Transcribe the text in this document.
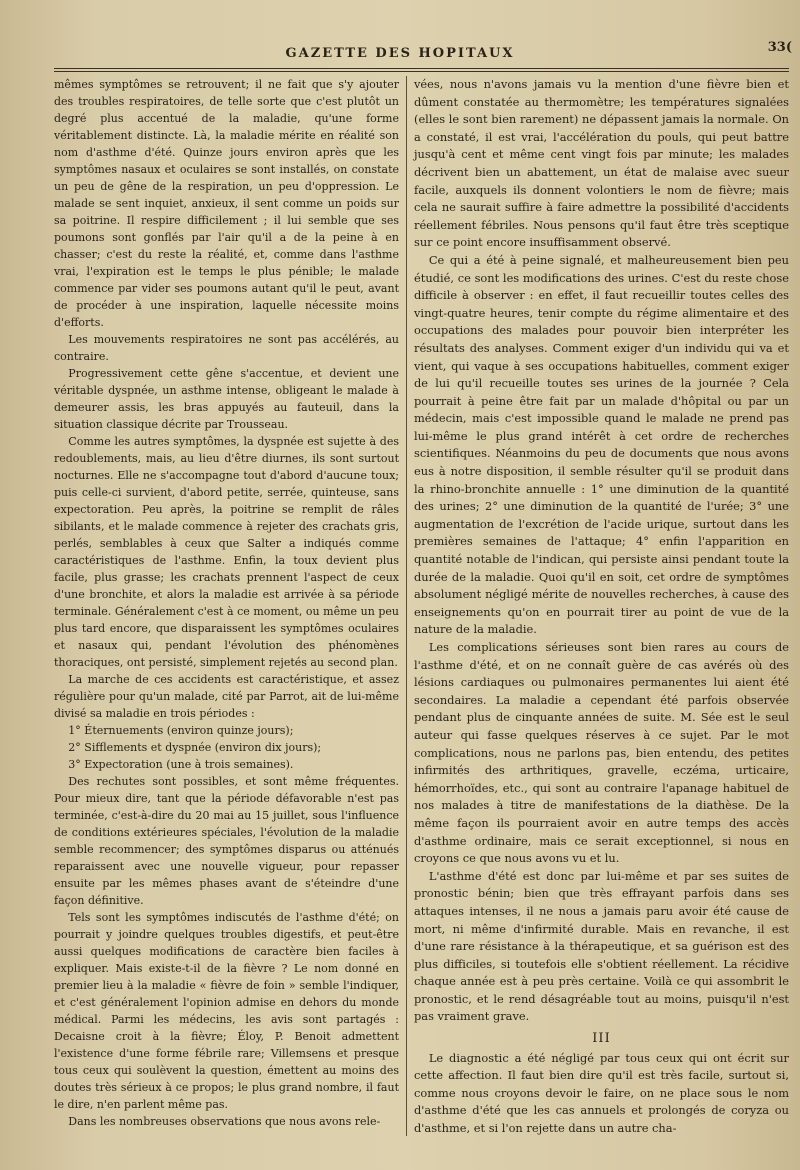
GAZETTE DES HOPITAUX	33(

mêmes symptômes se retrouvent; il ne fait que s'y ajouter des troubles respiratoires, de telle sorte que c'est plutôt un degré plus accentué de la maladie, qu'une forme véritablement distincte. Là, la maladie mérite en réalité son nom d'asthme d'été. Quinze jours environ après que les symptômes nasaux et oculaires se sont installés, on constate un peu de gêne de la respiration, un peu d'oppression. Le malade se sent inquiet, anxieux, il sent comme un poids sur sa poitrine. Il respire difficilement ; il lui semble que ses poumons sont gonflés par l'air qu'il a de la peine à en chasser; c'est du reste la réalité, et, comme dans l'asthme vrai, l'expiration est le temps le plus pénible; le malade commence par vider ses poumons autant qu'il le peut, avant de procéder à une inspiration, laquelle nécessite moins d'efforts.

Les mouvements respiratoires ne sont pas accélérés, au contraire.

Progressivement cette gêne s'accentue, et devient une véritable dyspnée, un asthme intense, obligeant le malade à demeurer assis, les bras appuyés au fauteuil, dans la situation classique décrite par Trousseau.

Comme les autres symptômes, la dyspnée est sujette à des redoublements, mais, au lieu d'être diurnes, ils sont surtout nocturnes. Elle ne s'accompagne tout d'abord d'aucune toux; puis celle-ci survient, d'abord petite, serrée, quinteuse, sans expectoration. Peu après, la poitrine se remplit de râles sibilants, et le malade commence à rejeter des crachats gris, perlés, semblables à ceux que Salter a indiqués comme caractéristiques de l'asthme. Enfin, la toux devient plus facile, plus grasse; les crachats prennent l'aspect de ceux d'une bronchite, et alors la maladie est arrivée à sa période terminale. Généralement c'est à ce moment, ou même un peu plus tard encore, que disparaissent les symptômes oculaires et nasaux qui, pendant l'évolution des phénomènes thoraciques, ont persisté, simplement rejetés au second plan.

La marche de ces accidents est caractéristique, et assez régulière pour qu'un malade, cité par Parrot, ait de lui-même divisé sa maladie en trois périodes :

1° Éternuements (environ quinze jours);

2° Sifflements et dyspnée (environ dix jours);

3° Expectoration (une à trois semaines).

Des rechutes sont possibles, et sont même fréquentes. Pour mieux dire, tant que la période défavorable n'est pas terminée, c'est-à-dire du 20 mai au 15 juillet, sous l'influence de conditions extérieures spéciales, l'évolution de la maladie semble recommencer; des symptômes disparus ou atténués reparaissent avec une nouvelle vigueur, pour repasser ensuite par les mêmes phases avant de s'éteindre d'une façon définitive.

Tels sont les symptômes indiscutés de l'asthme d'été; on pourrait y joindre quelques troubles digestifs, et peut-être aussi quelques modifications de caractère bien faciles à expliquer. Mais existe-t-il de la fièvre ? Le nom donné en premier lieu à la maladie « fièvre de foin » semble l'indiquer, et c'est généralement l'opinion admise en dehors du monde médical. Parmi les médecins, les avis sont partagés : Decaisne croit à la fièvre; Éloy, P. Benoit admettent l'existence d'une forme fébrile rare; Villemsens et presque tous ceux qui soulèvent la question, émettent au moins des doutes très sérieux à ce propos; le plus grand nombre, il faut le dire, n'en parlent même pas.

Dans les nombreuses observations que nous avons rele-

vées, nous n'avons jamais vu la mention d'une fièvre bien et dûment constatée au thermomètre; les températures signalées (elles le sont bien rarement) ne dépassent jamais la normale. On a constaté, il est vrai, l'accélération du pouls, qui peut battre jusqu'à cent et même cent vingt fois par minute; les malades décrivent bien un abattement, un état de malaise avec sueur facile, auxquels ils donnent volontiers le nom de fièvre; mais cela ne saurait suffire à faire admettre la possibilité d'accidents réellement fébriles. Nous pensons qu'il faut être très sceptique sur ce point encore insuffisamment observé.

Ce qui a été à peine signalé, et malheureusement bien peu étudié, ce sont les modifications des urines. C'est du reste chose difficile à observer : en effet, il faut recueillir toutes celles des vingt-quatre heures, tenir compte du régime alimentaire et des occupations des malades pour pouvoir bien interpréter les résultats des analyses. Comment exiger d'un individu qui va et vient, qui vaque à ses occupations habituelles, comment exiger de lui qu'il recueille toutes ses urines de la journée ? Cela pourrait à peine être fait par un malade d'hôpital ou par un médecin, mais c'est impossible quand le malade ne prend pas lui-même le plus grand intérêt à cet ordre de recherches scientifiques. Néanmoins du peu de documents que nous avons eus à notre disposition, il semble résulter qu'il se produit dans la rhino-bronchite annuelle : 1° une diminution de la quantité des urines; 2° une diminution de la quantité de l'urée; 3° une augmentation de l'excrétion de l'acide urique, surtout dans les premières semaines de l'attaque; 4° enfin l'apparition en quantité notable de l'indican, qui persiste ainsi pendant toute la durée de la maladie. Quoi qu'il en soit, cet ordre de symptômes absolument négligé mérite de nouvelles recherches, à cause des enseignements qu'on en pourrait tirer au point de vue de la nature de la maladie.

Les complications sérieuses sont bien rares au cours de l'asthme d'été, et on ne connaît guère de cas avérés où des lésions cardiaques ou pulmonaires permanentes lui aient été secondaires. La maladie a cependant été parfois observée pendant plus de cinquante années de suite. M. Sée est le seul auteur qui fasse quelques réserves à ce sujet. Par le mot complications, nous ne parlons pas, bien entendu, des petites infirmités des arthritiques, gravelle, eczéma, urticaire, hémorrhoïdes, etc., qui sont au contraire l'apanage habituel de nos malades à titre de manifestations de la diathèse. De la même façon ils pourraient avoir en autre temps des accès d'asthme ordinaire, mais ce serait exceptionnel, si nous en croyons ce que nous avons vu et lu.

L'asthme d'été est donc par lui-même et par ses suites de pronostic bénin; bien que très effrayant parfois dans ses attaques intenses, il ne nous a jamais paru avoir été cause de mort, ni même d'infirmité durable. Mais en revanche, il est d'une rare résistance à la thérapeutique, et sa guérison est des plus difficiles, si toutefois elle s'obtient réellement. La récidive chaque année est à peu près certaine. Voilà ce qui assombrit le pronostic, et le rend désagréable tout au moins, puisqu'il n'est pas vraiment grave.

III

Le diagnostic a été négligé par tous ceux qui ont écrit sur cette affection. Il faut bien dire qu'il est très facile, surtout si, comme nous croyons devoir le faire, on ne place sous le nom d'asthme d'été que les cas annuels et prolongés de coryza ou d'asthme, et si l'on rejette dans un autre cha-
